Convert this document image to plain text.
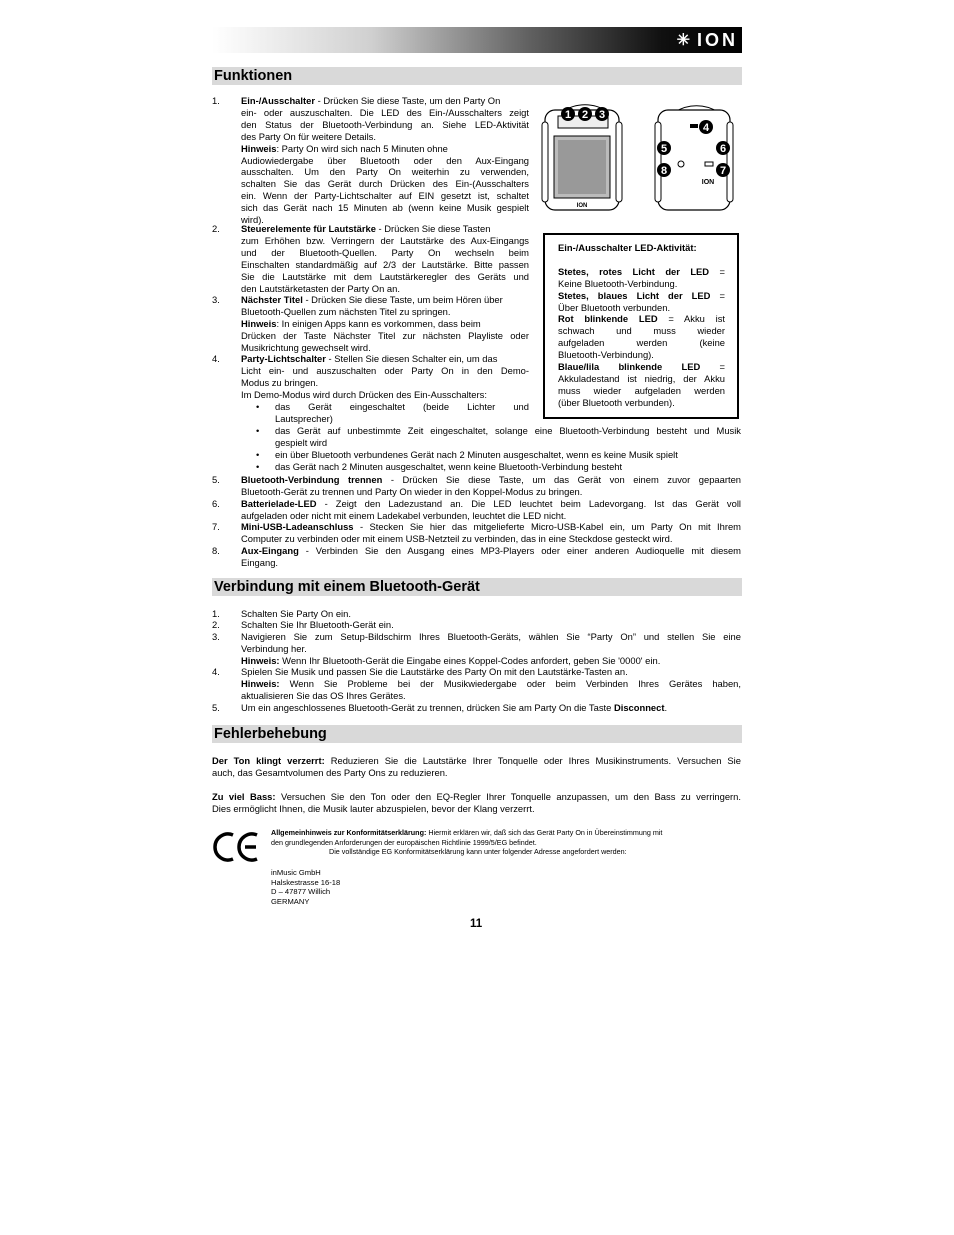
✳ ION
Funktionen
1. Ein-/Ausschalter - Drücken Sie diese Taste, um den Party On
ein- oder auszuschalten. Die LED des Ein-/Ausschalters zeigt
den Status der Bluetooth-Verbindung an. Siehe LED-Aktivität
des Party On für weitere Details.
Hinweis: Party On wird sich nach 5 Minuten ohne
Audiowiedergabe über Bluetooth oder den Aux-Eingang
ausschalten. Um den Party On weiterhin zu verwenden,
schalten Sie das Gerät durch Drücken des Ein-(Ausschalters
ein. Wenn der Party-Lichtschalter auf EIN gesetzt ist, schaltet
sich das Gerät nach 15 Minuten ab (wenn keine Musik gespielt
wird).
2. Steuerelemente für Lautstärke - Drücken Sie diese Tasten
zum Erhöhen bzw. Verringern der Lautstärke des Aux-Eingangs
und der Bluetooth-Quellen. Party On wechseln beim
Einschalten standardmäßig auf 2/3 der Lautstärke. Bitte passen
Sie die Lautstärke mit dem Lautstärkeregler des Geräts und
den Lautstärketasten der Party On an.
3. Nächster Titel - Drücken Sie diese Taste, um beim Hören über
Bluetooth-Quellen zum nächsten Titel zu springen.
Hinweis: In einigen Apps kann es vorkommen, dass beim
Drücken der Taste Nächster Titel zur nächsten Playliste oder
Musikrichtung gewechselt wird.
4. Party-Lichtschalter - Stellen Sie diesen Schalter ein, um das
Licht ein- und auszuschalten oder Party On in den Demo-
Modus zu bringen.
Im Demo-Modus wird durch Drücken des Ein-Ausschalters:
• das Gerät eingeschaltet (beide Lichter und
Lautsprecher)
• das Gerät auf unbestimmte Zeit eingeschaltet, solange eine Bluetooth-Verbindung besteht und Musik
gespielt wird
• ein über Bluetooth verbundenes Gerät nach 2 Minuten ausgeschaltet, wenn es keine Musik spielt
• das Gerät nach 2 Minuten ausgeschaltet, wenn keine Bluetooth-Verbindung besteht
5. Bluetooth-Verbindung trennen - Drücken Sie diese Taste, um das Gerät von einem zuvor gepaarten
Bluetooth-Gerät zu trennen und Party On wieder in den Koppel-Modus zu bringen.
6. Batterielade-LED - Zeigt den Ladezustand an. Die LED leuchtet beim Ladevorgang. Ist das Gerät voll
aufgeladen oder nicht mit einem Ladekabel verbunden, leuchtet die LED nicht.
7. Mini-USB-Ladeanschluss - Stecken Sie hier das mitgelieferte Micro-USB-Kabel ein, um Party On mit Ihrem
Computer zu verbinden oder mit einem USB-Netzteil zu verbinden, das in eine Steckdose gesteckt wird.
8. Aux-Eingang - Verbinden Sie den Ausgang eines MP3-Players oder einer anderen Audioquelle mit diesem
Eingang.
ION
ION
1 2 3
4
5	6
7
8
Ein-/Ausschalter LED-Aktivität:
Stetes, rotes Licht der LED =
Keine Bluetooth-Verbindung.
Stetes, blaues Licht der LED =
Über Bluetooth verbunden.
Rot blinkende LED = Akku ist
schwach und muss wieder
aufgeladen werden (keine
Bluetooth-Verbindung).
Blaue/lila blinkende LED =
Akkuladestand ist niedrig, der Akku
muss wieder aufgeladen werden
(über Bluetooth verbunden).
Verbindung mit einem Bluetooth-Gerät
1. Schalten Sie Party On ein.
2. Schalten Sie Ihr Bluetooth-Gerät ein.
3. Navigieren Sie zum Setup-Bildschirm Ihres Bluetooth-Geräts, wählen Sie “Party On” und stellen Sie eine
Verbindung her.
Hinweis: Wenn Ihr Bluetooth-Gerät die Eingabe eines Koppel-Codes anfordert, geben Sie '0000' ein.
4. Spielen Sie Musik und passen Sie die Lautstärke des Party On mit den Lautstärke-Tasten an.
Hinweis: Wenn Sie Probleme bei der Musikwiedergabe oder beim Verbinden Ihres Gerätes haben,
aktualisieren Sie das OS Ihres Gerätes.
5. Um ein angeschlossenes Bluetooth-Gerät zu trennen, drücken Sie am Party On die Taste Disconnect.
Fehlerbehebung
Der Ton klingt verzerrt: Reduzieren Sie die Lautstärke Ihrer Tonquelle oder Ihres Musikinstruments. Versuchen Sie
auch, das Gesamtvolumen des Party Ons zu reduzieren.
Zu viel Bass: Versuchen Sie den Ton oder den EQ-Regler Ihrer Tonquelle anzupassen, um den Bass zu verringern.
Dies ermöglicht Ihnen, die Musik lauter abzuspielen, bevor der Klang verzerrt.
CE	Allgemeinhinweis zur Konformitätserklärung: Hiermit erklären wir, daß sich das Gerät Party On in Übereinstimmung mit
den grundlegenden Anforderungen der europäischen Richtlinie 1999/5/EG befindet.
Die vollständige EG Konformitätserklärung kann unter folgender Adresse angefordert werden:
inMusic GmbH
Halskestrasse 16-18
D – 47877 Willich
GERMANY
11
